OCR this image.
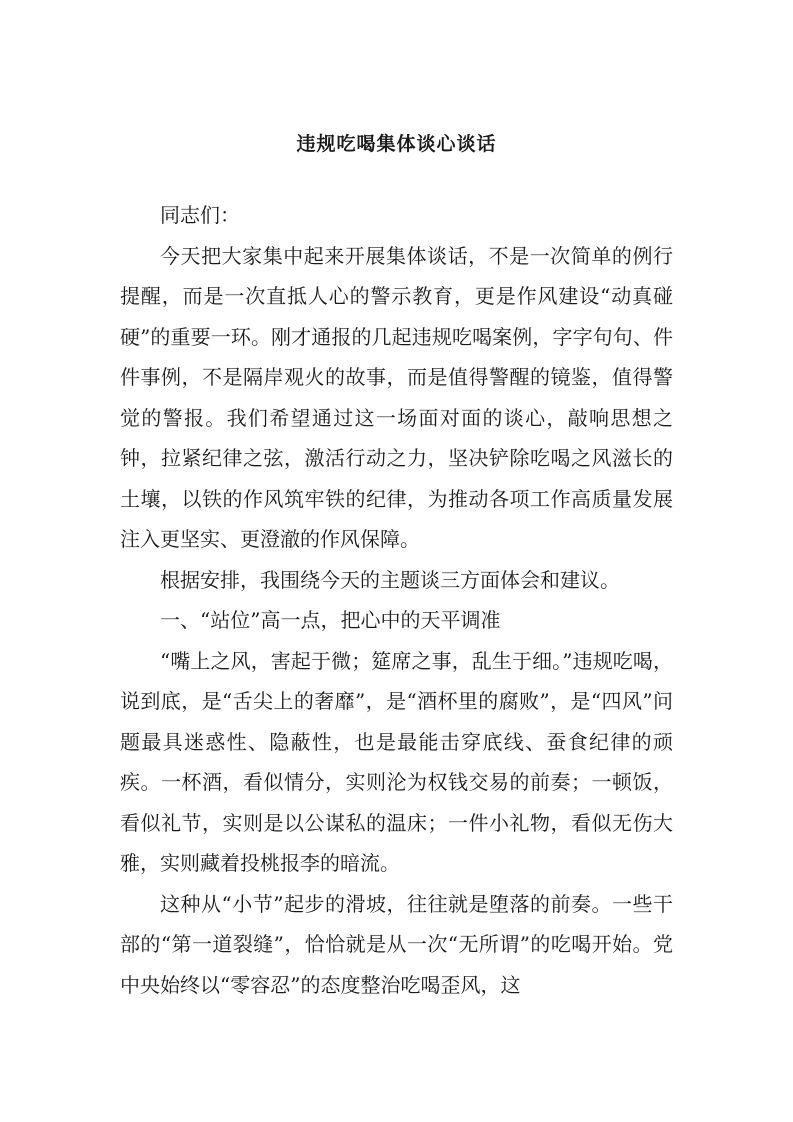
违规吃喝集体谈心谈话

同志们：

今天把大家集中起来开展集体谈话，不是一次简单的例行提醒，而是一次直抵人心的警示教育，更是作风建设“动真碰硬”的重要一环。刚才通报的几起违规吃喝案例，字字句句、件件事例，不是隔岸观火的故事，而是值得警醒的镜鉴，值得警觉的警报。我们希望通过这一场面对面的谈心，敲响思想之钟，拉紧纪律之弦，激活行动之力，坚决铲除吃喝之风滋长的土壤，以铁的作风筑牢铁的纪律，为推动各项工作高质量发展注入更坚实、更澄澈的作风保障。

根据安排，我围绕今天的主题谈三方面体会和建议。

一、“站位”高一点，把心中的天平调准

“嘴上之风，害起于微；筵席之事，乱生于细。”违规吃喝，说到底，是“舌尖上的奢靡”，是“酒杯里的腐败”，是“四风”问题最具迷惑性、隐蔽性，也是最能击穿底线、蚕食纪律的顽疾。一杯酒，看似情分，实则沦为权钱交易的前奏；一顿饭，看似礼节，实则是以公谋私的温床；一件小礼物，看似无伤大雅，实则藏着投桃报李的暗流。

这种从“小节”起步的滑坡，往往就是堕落的前奏。一些干部的“第一道裂缝”，恰恰就是从一次“无所谓”的吃喝开始。党中央始终以“零容忍”的态度整治吃喝歪风，这
